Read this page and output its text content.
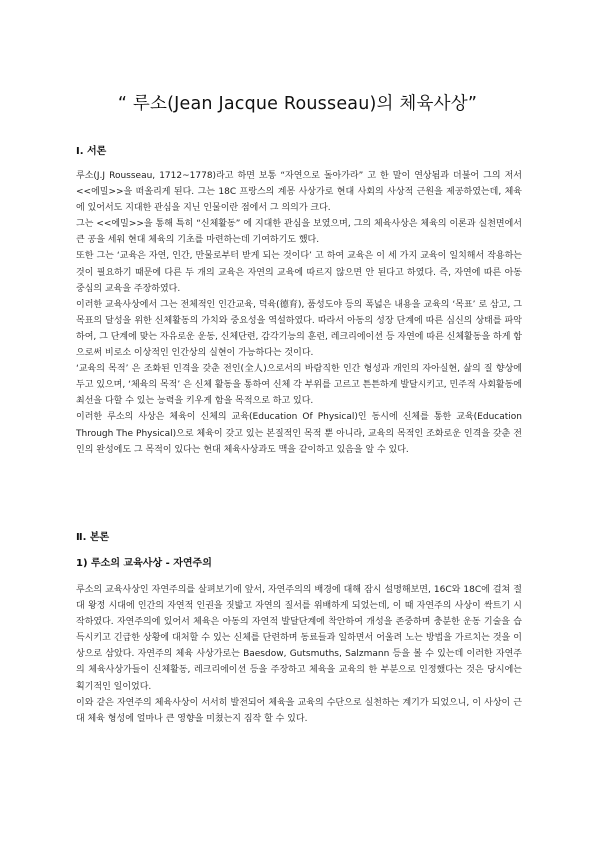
“ 루소(Jean Jacque Rousseau)의 체육사상”
Ⅰ. 서론

루소(J.J Rousseau, 1712~1778)라고 하면 보통 “자연으로 돌아가라” 고 한 말이 연상됨과 더불어 그의 저서 <<에밀>>을 떠올리게 된다. 그는 18C 프랑스의 계몽 사상가로 현대 사회의 사상적 근원을 제공하였는데, 체육에 있어서도 지대한 관심을 지닌 인물이란 점에서 그 의의가 크다.

그는 <<에밀>>을 통해 특히 “신체활동” 에 지대한 관심을 보였으며, 그의 체육사상은 체육의 이론과 실천면에서 큰 공을 세워 현대 체육의 기초를 마련하는데 기여하기도 했다.

또한 그는 ‘교육은 자연, 인간, 만물로부터 받게 되는 것이다’ 고 하여 교육은 이 세 가지 교육이 일치해서 작용하는 것이 필요하기 때문에 다른 두 개의 교육은 자연의 교육에 따르지 않으면 안 된다고 하였다. 즉, 자연에 따른 아동 중심의 교육을 주장하였다.

이러한 교육사상에서 그는 전체적인 인간교육, 덕육(德育), 품성도야 등의 폭넓은 내용을 교육의 ‘목표’ 로 삼고, 그 목표의 달성을 위한 신체활동의 가치와 중요성을 역설하였다. 따라서 아동의 성장 단계에 따른 심신의 상태를 파악하여, 그 단계에 맞는 자유로운 운동, 신체단련, 감각기능의 훈련, 레크리에이션 등 자연에 따른 신체활동을 하게 함으로써 비로소 이상적인 인간상의 실현이 가능하다는 것이다.

‘교육의 목적’ 은 조화된 인격을 갖춘 전인(全人)으로서의 바람직한 인간 형성과 개인의 자아실현, 삶의 질 향상에 두고 있으며, ‘체육의 목적’ 은 신체 활동을 통하여 신체 각 부위를 고르고 튼튼하게 발달시키고, 민주적 사회활동에 최선을 다할 수 있는 능력을 키우게 함을 목적으로 하고 있다.

이러한 루소의 사상은 체육이 신체의 교육(Education Of Physical)인 동시에 신체를 통한 교육(Education Through The Physical)으로 체육이 갖고 있는 본질적인 목적 뿐 아니라, 교육의 목적인 조화로운 인격을 갖춘 전인의 완성에도 그 목적이 있다는 현대 체육사상과도 맥을 같이하고 있음을 알 수 있다.

Ⅱ. 본론
1) 루소의 교육사상 - 자연주의

루소의 교육사상인 자연주의를 살펴보기에 앞서, 자연주의의 배경에 대해 잠시 설명해보면, 16C와 18C에 걸쳐 절대 왕정 시대에 인간의 자연적 인권을 짓밟고 자연의 질서를 위배하게 되었는데, 이 때 자연주의 사상이 싹트기 시작하였다. 자연주의에 있어서 체육은 아동의 자연적 발달단계에 착안하여 개성을 존중하며 충분한 운동 기술을 습득시키고 긴급한 상황에 대처할 수 있는 신체를 단련하며 동료들과 일하면서 어울려 노는 방법을 가르치는 것을 이상으로 삼았다. 자연주의 체육 사상가로는 Baesdow, Gutsmuths, Salzmann 등을 볼 수 있는데 이러한 자연주의 체육사상가들이 신체활동, 레크리에이션 등을 주장하고 체육을 교육의 한 부분으로 인정했다는 것은 당시에는 획기적인 일이었다.

이와 같은 자연주의 체육사상이 서서히 발전되어 체육을 교육의 수단으로 실천하는 계기가 되었으니, 이 사상이 근대 체육 형성에 얼마나 큰 영향을 미쳤는지 짐작 할 수 있다.
